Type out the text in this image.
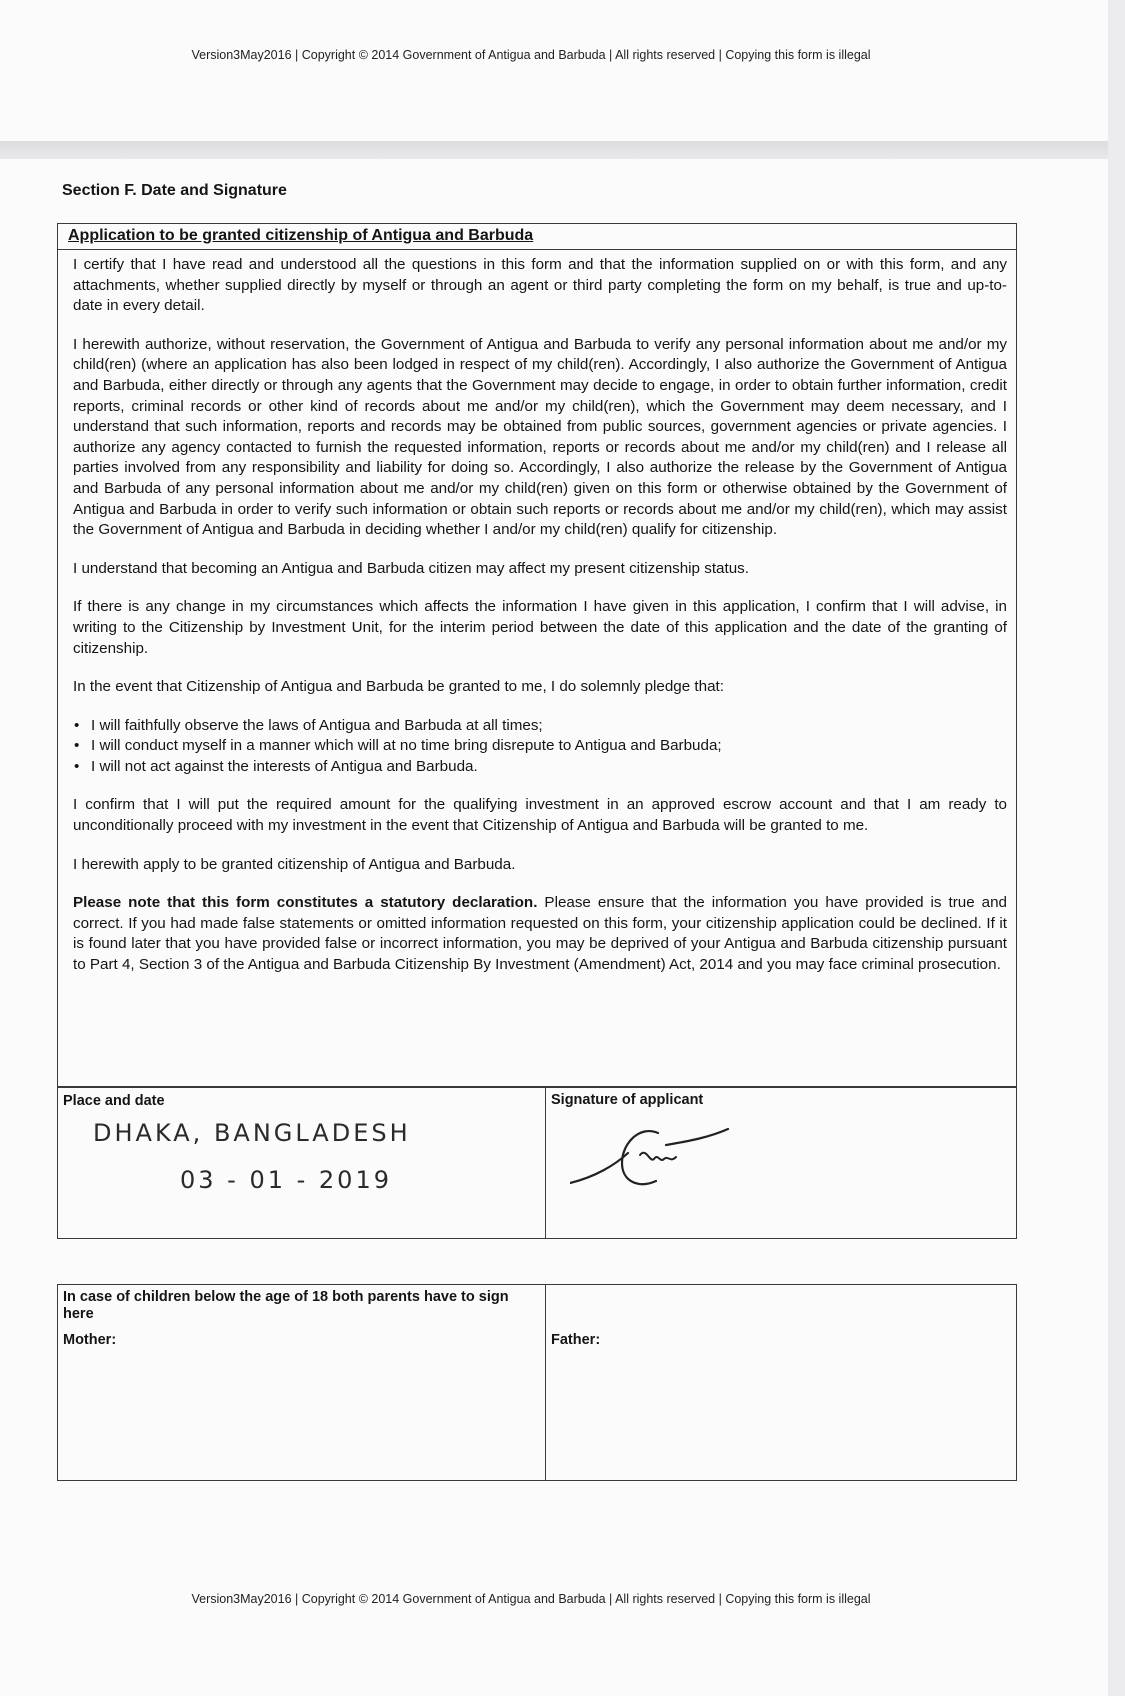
Version3May2016 | Copyright © 2014 Government of Antigua and Barbuda | All rights reserved | Copying this form is illegal
Section F. Date and Signature
Application to be granted citizenship of Antigua and Barbuda

I certify that I have read and understood all the questions in this form and that the information supplied on or with this form, and any attachments, whether supplied directly by myself or through an agent or third party completing the form on my behalf, is true and up-to-date in every detail.

I herewith authorize, without reservation, the Government of Antigua and Barbuda to verify any personal information about me and/or my child(ren) (where an application has also been lodged in respect of my child(ren). Accordingly, I also authorize the Government of Antigua and Barbuda, either directly or through any agents that the Government may decide to engage, in order to obtain further information, credit reports, criminal records or other kind of records about me and/or my child(ren), which the Government may deem necessary, and I understand that such information, reports and records may be obtained from public sources, government agencies or private agencies. I authorize any agency contacted to furnish the requested information, reports or records about me and/or my child(ren) and I release all parties involved from any responsibility and liability for doing so. Accordingly, I also authorize the release by the Government of Antigua and Barbuda of any personal information about me and/or my child(ren) given on this form or otherwise obtained by the Government of Antigua and Barbuda in order to verify such information or obtain such reports or records about me and/or my child(ren), which may assist the Government of Antigua and Barbuda in deciding whether I and/or my child(ren) qualify for citizenship.

I understand that becoming an Antigua and Barbuda citizen may affect my present citizenship status.

If there is any change in my circumstances which affects the information I have given in this application, I confirm that I will advise, in writing to the Citizenship by Investment Unit, for the interim period between the date of this application and the date of the granting of citizenship.

In the event that Citizenship of Antigua and Barbuda be granted to me, I do solemnly pledge that:

• I will faithfully observe the laws of Antigua and Barbuda at all times;
• I will conduct myself in a manner which will at no time bring disrepute to Antigua and Barbuda;
• I will not act against the interests of Antigua and Barbuda.

I confirm that I will put the required amount for the qualifying investment in an approved escrow account and that I am ready to unconditionally proceed with my investment in the event that Citizenship of Antigua and Barbuda will be granted to me.

I herewith apply to be granted citizenship of Antigua and Barbuda.

Please note that this form constitutes a statutory declaration. Please ensure that the information you have provided is true and correct. If you had made false statements or omitted information requested on this form, your citizenship application could be declined. If it is found later that you have provided false or incorrect information, you may be deprived of your Antigua and Barbuda citizenship pursuant to Part 4, Section 3 of the Antigua and Barbuda Citizenship By Investment (Amendment) Act, 2014 and you may face criminal prosecution.

Place and date	Signature of applicant
DHAKA, BANGLADESH
03 - 01 - 2019
In case of children below the age of 18 both parents have to sign here
Mother:	Father:
Version3May2016 | Copyright © 2014 Government of Antigua and Barbuda | All rights reserved | Copying this form is illegal
